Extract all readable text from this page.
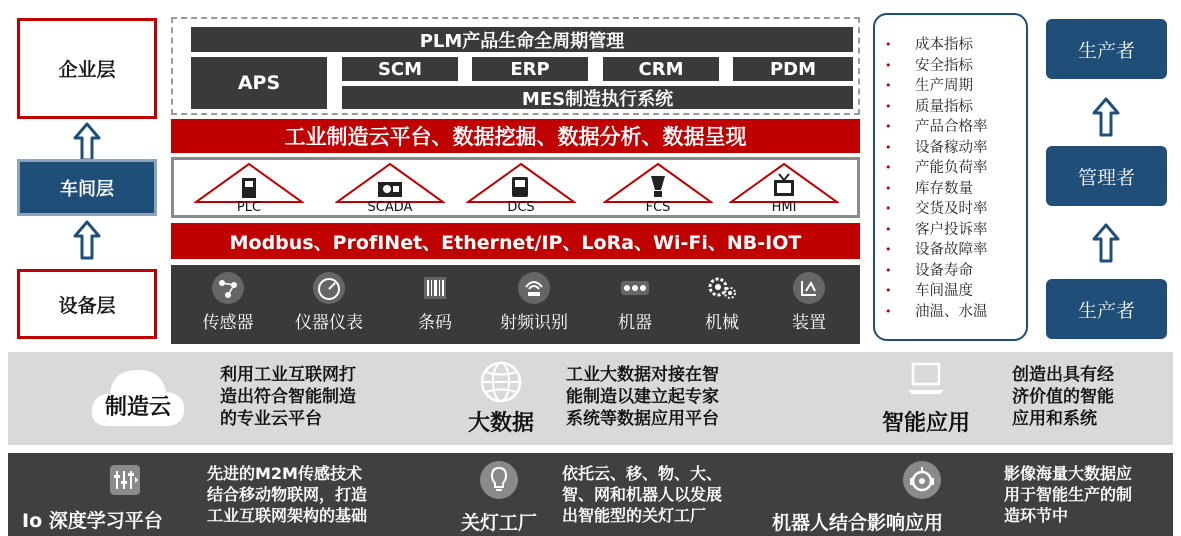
企业层
车间层
设备层
PLM产品生命全周期管理
APS
SCM	ERP	CRM	PDM
MES制造执行系统
工业制造云平台、数据挖掘、数据分析、数据呈现
PLC	SCADA	DCS	FCS	HMI
Modbus、ProfINet、Ethernet/IP、LoRa、Wi-Fi、NB-IOT
传感器 仪器仪表	条码	射频识别	机器	机械	装置
•	成本指标
•	安全指标
•	生产周期
•	质量指标
•	产品合格率
•	设备稼动率
•	产能负荷率
•	库存数量
•	交货及时率
•	客户投诉率
•	设备故障率
•	设备寿命
•	车间温度
•	油温、水温
生产者
管理者
生产者
制造云
利用工业互联网打
造出符合智能制造
的专业云平台	大数据
工业大数据对接在智
能制造以建立起专家
系统等数据应用平台	智能应用
创造出具有经
济价值的智能
应用和系统
Io 深度学习平台
先进的M2M传感技术
结合移动物联网，打造
工业互联网架构的基础	关灯工厂
依托云、移、物、大、
智、网和机器人以发展
出智能型的关灯工厂	机器人结合影响应用
影像海量大数据应
用于智能生产的制
造环节中
